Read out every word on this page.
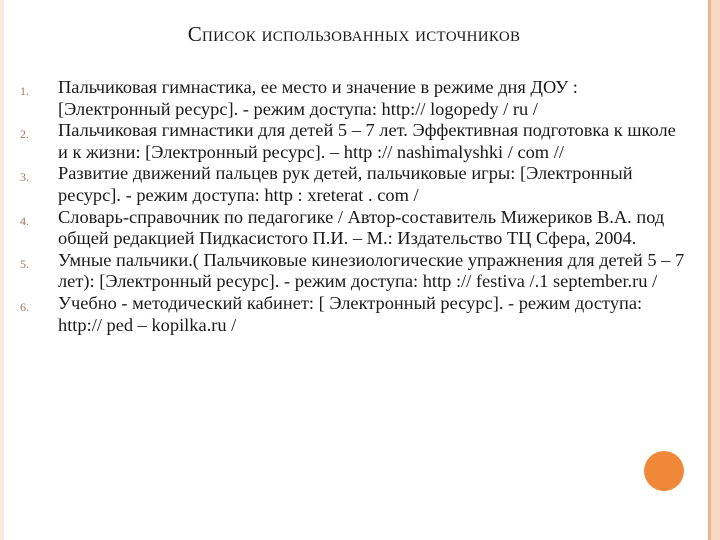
Список использованных источников
1.	Пальчиковая гимнастика, ее место и значение в режиме дня ДОУ : [Электронный ресурс]. - режим доступа: http:// logopedy / ru /
2.	Пальчиковая гимнастики для детей 5 – 7 лет. Эффективная подготовка к школе и к жизни: [Электронный ресурс]. – http :// nashimalyshki / com //
3.	Развитие движений пальцев рук детей, пальчиковые игры: [Электронный ресурс]. - режим доступа: http : xreterat . com /
4.	Словарь-справочник по педагогике / Автор-составитель Мижериков В.А. под общей редакцией Пидкасистого П.И. – М.: Издательство ТЦ Сфера, 2004.
5.	Умные пальчики.( Пальчиковые кинезиологические упражнения для детей 5 – 7 лет): [Электронный ресурс]. - режим доступа: http :// festiva /.1 september.ru /
6.	Учебно - методический кабинет: [ Электронный ресурс]. - режим доступа: http:// ped – kopilka.ru /
